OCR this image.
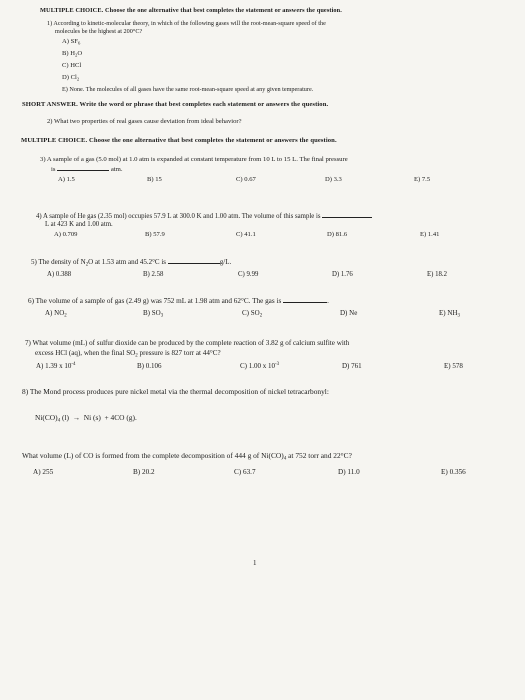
MULTIPLE CHOICE. Choose the one alternative that best completes the statement or answers the question.
1) According to kinetic-molecular theory, in which of the following gases will the root-mean-square speed of the
molecules be the highest at 200°C?
A) $SF_6$
B) $H_2O$
C) HCl
D) $Cl_2$
E) None. The molecules of all gases have the same root-mean-square speed at any given temperature.
SHORT ANSWER. Write the word or phrase that best completes each statement or answers the question.
2) What two properties of real gases cause deviation from ideal behavior?
MULTIPLE CHOICE. Choose the one alternative that best completes the statement or answers the question.
3) A sample of a gas (5.0 mol) at 1.0 atm is expanded at constant temperature from 10 L to 15 L. The final pressure
is	atm.
A) 1.5	B) 15	C) 0.67	D) 3.3	E) 7.5
4) A sample of He gas (2.35 mol) occupies 57.9 L at 300.0 K and 1.00 atm. The volume of this sample is
L at 423 K and 1.00 atm.
A) 0.709	B) 57.9	C) 41.1	D) 81.6	E) 1.41
5) The density of $N_2O$ at 1.53 atm and 45.2°C is	g/L.
A) 0.388	B) 2.58	C) 9.99	D) 1.76	E) 18.2
6) The volume of a sample of gas (2.49 g) was 752 mL at 1.98 atm and 62°C. The gas is	.
A) $NO_2$	B) $SO_3$	C) $SO_2$	D) Ne	E) $NH_3$
7) What volume (mL) of sulfur dioxide can be produced by the complete reaction of 3.82 g of calcium sulfite with
excess HCl (aq), when the final $SO_2$ pressure is 827 torr at 44°C?
A) 1.39 x $10^{-4}$	B) 0.106	C) 1.00 x $10^{-3}$	D) 761	E) 578
8) The Mond process produces pure nickel metal via the thermal decomposition of nickel tetracarbonyl:
$Ni(CO)_4$ (l)  →  Ni (s)  + 4CO (g).
What volume (L) of CO is formed from the complete decomposition of 444 g of $Ni(CO)_4$ at 752 torr and 22°C?
A) 255	B) 20.2	C) 63.7	D) 11.0	E) 0.356
1
